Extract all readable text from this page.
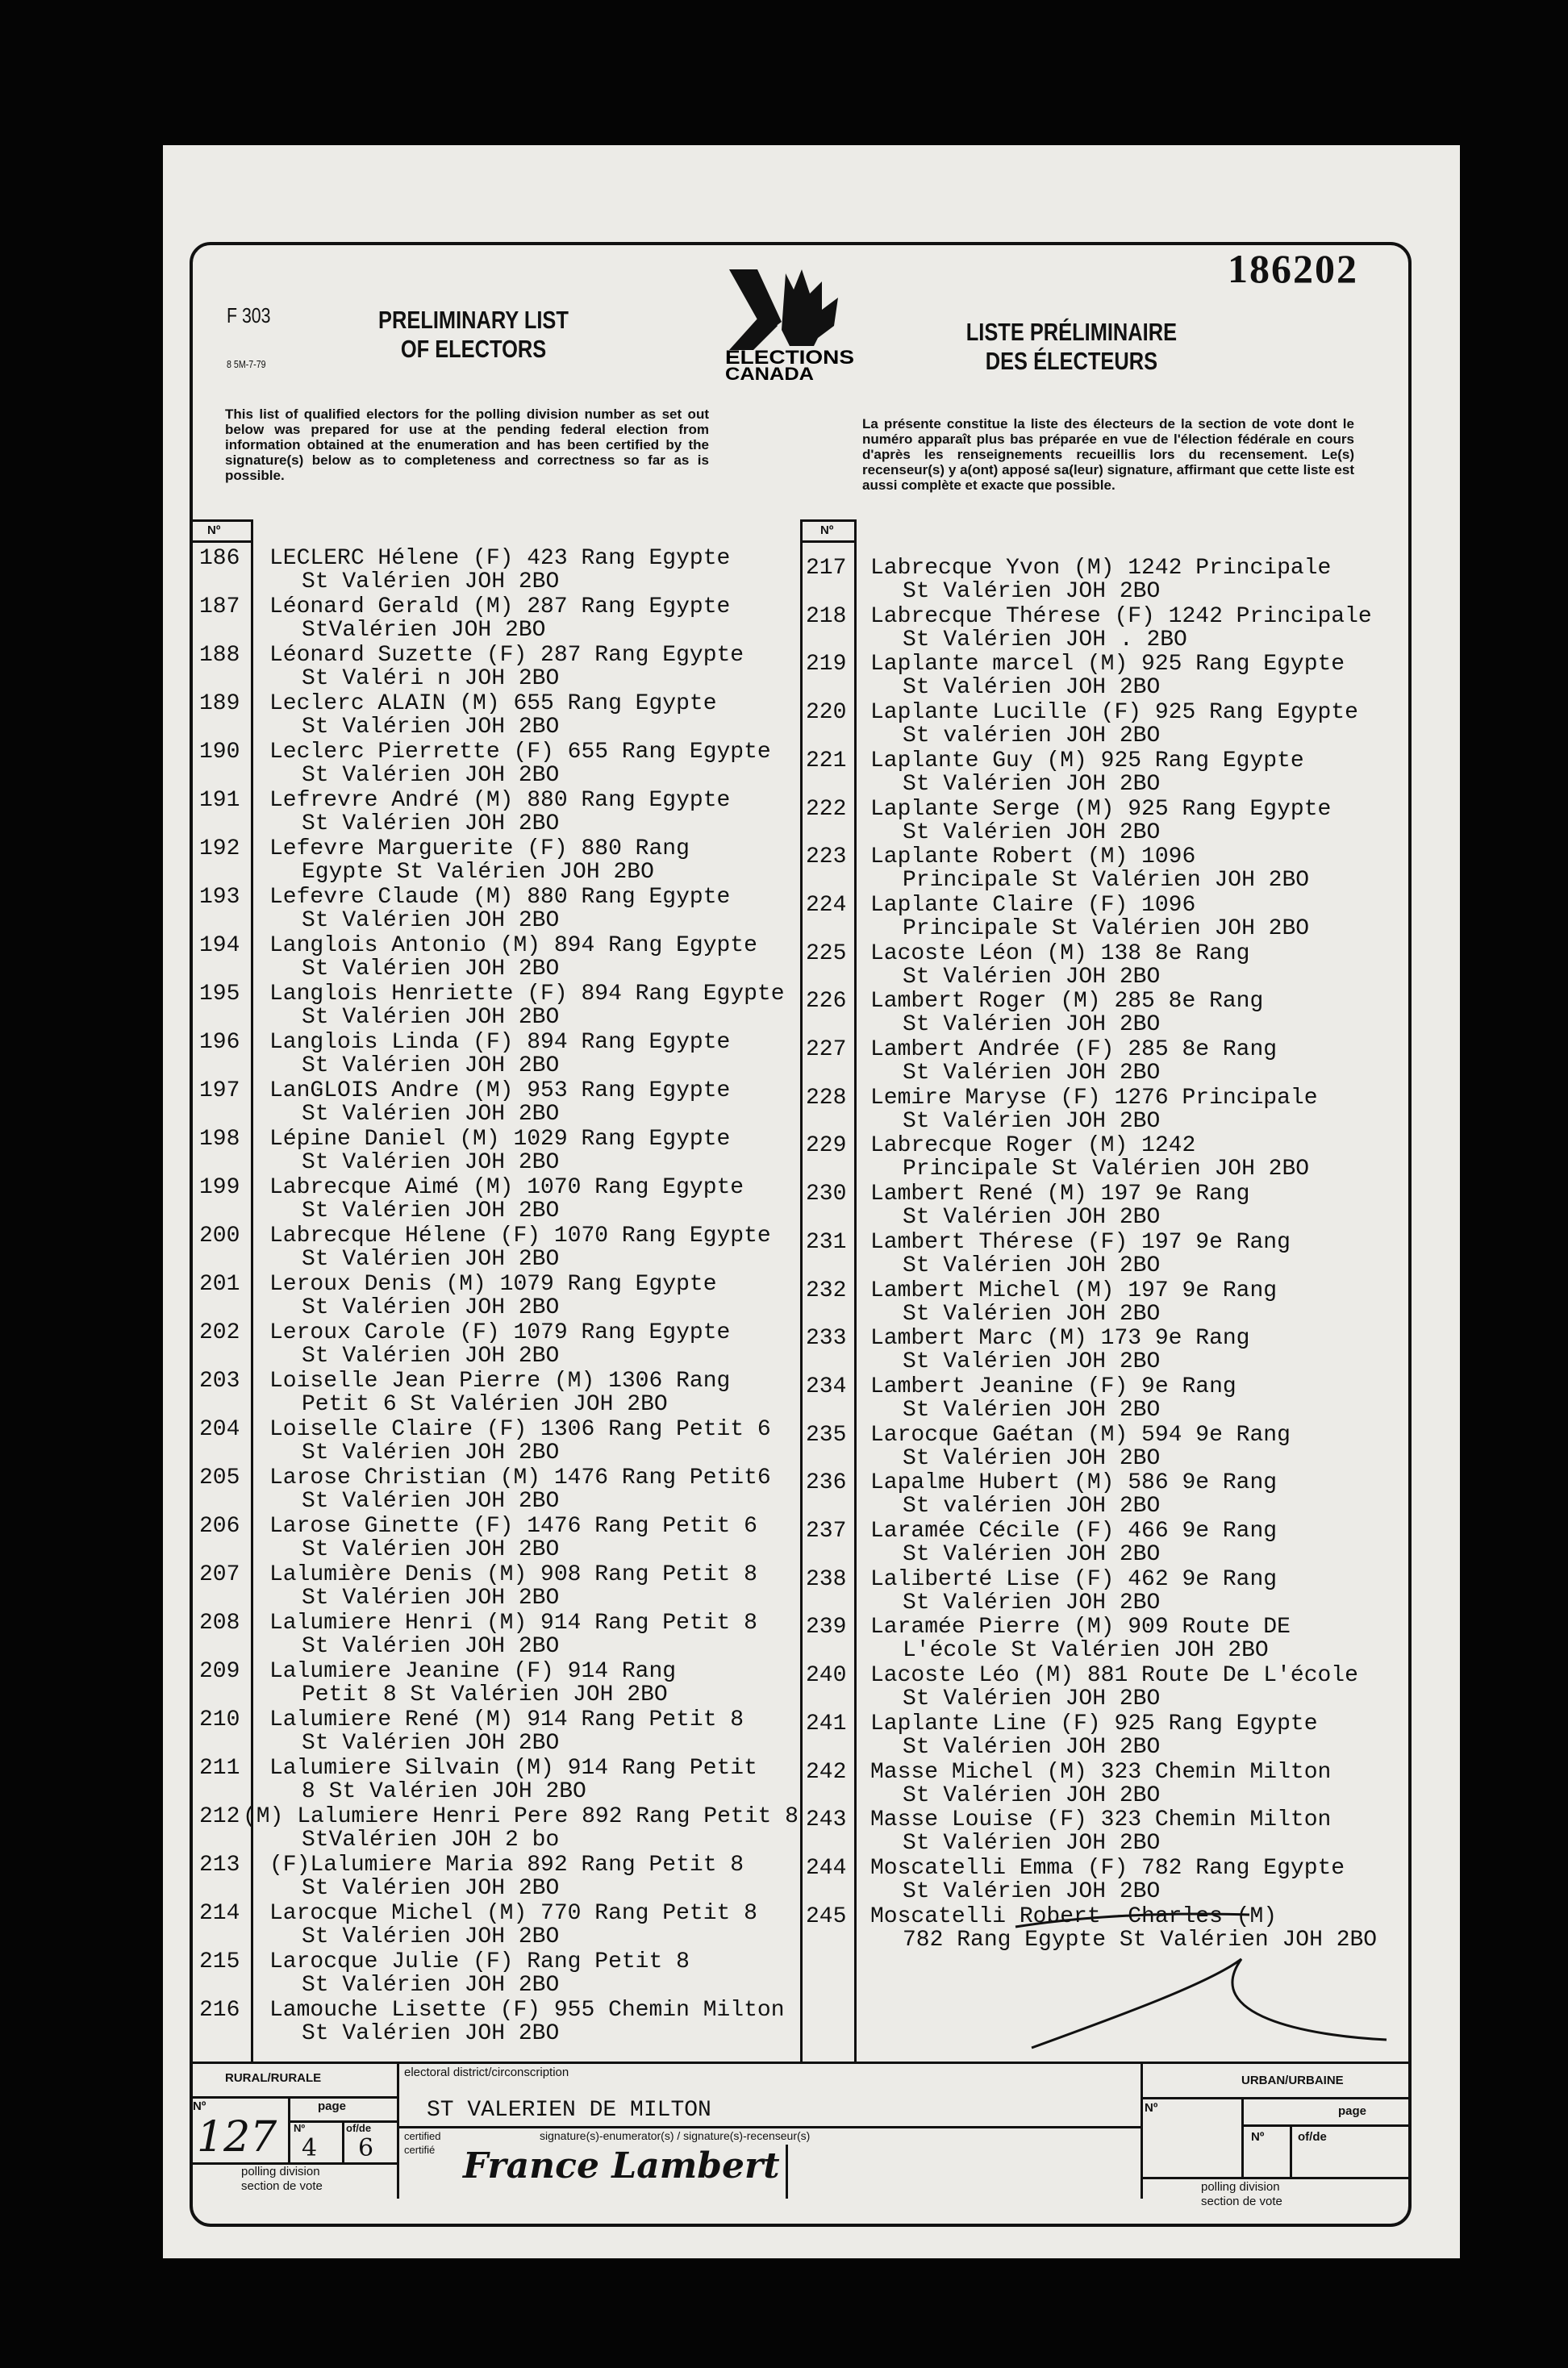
F 303
8 5M-7-79
PRELIMINARY LIST OF ELECTORS	ELECTIONS
CANADA
186202
LISTE PRÉLIMINAIRE DES ÉLECTEURS
This list of qualified electors for the polling division number as set out below was prepared for use at the pending federal election from information obtained at the enumeration and has been certified by the signature(s) below as to completeness and correctness so far as is possible.
La présente constitue la liste des électeurs de la section de vote dont le numéro apparaît plus bas préparée en vue de l'élection fédérale en cours d'après les renseignements recueillis lors du recensement. Le(s) recenseur(s) y a(ont) apposé sa(leur) signature, affirmant que cette liste est aussi complète et exacte que possible.
Nº	Nº
186 LECLERC Hélene (F) 423 Rang Egypte
St Valérien JOH 2BO
187 Léonard Gerald (M) 287 Rang Egypte
StValérien JOH 2BO
188 Léonard Suzette (F) 287 Rang Egypte
St Valéri n JOH 2BO
189 Leclerc ALAIN (M) 655 Rang Egypte
St Valérien JOH 2BO
190 Leclerc Pierrette (F) 655 Rang Egypte
St Valérien JOH 2BO
191 Lefrevre André (M) 880 Rang Egypte
St Valérien JOH 2BO
192 Lefevre Marguerite (F) 880 Rang
Egypte St Valérien JOH 2BO
193 Lefevre Claude (M) 880 Rang Egypte
St Valérien JOH 2BO
194 Langlois Antonio (M) 894 Rang Egypte
St Valérien JOH 2BO
195 Langlois Henriette (F) 894 Rang Egypte
St Valérien JOH 2BO
196 Langlois Linda (F) 894 Rang Egypte
St Valérien JOH 2BO
197 LanGLOIS Andre (M) 953 Rang Egypte
St Valérien JOH 2BO
198 Lépine Daniel (M) 1029 Rang Egypte
St Valérien JOH 2BO
199 Labrecque Aimé (M) 1070 Rang Egypte
St Valérien JOH 2BO
200 Labrecque Hélene (F) 1070 Rang Egypte
St Valérien JOH 2BO
201 Leroux Denis (M) 1079 Rang Egypte
St Valérien JOH 2BO
202 Leroux Carole (F) 1079 Rang Egypte
St Valérien JOH 2BO
203 Loiselle Jean Pierre (M) 1306 Rang
Petit 6 St Valérien JOH 2BO
204 Loiselle Claire (F) 1306 Rang Petit 6
St Valérien JOH 2BO
205 Larose Christian (M) 1476 Rang Petit6
St Valérien JOH 2BO
206 Larose Ginette (F) 1476 Rang Petit 6
St Valérien JOH 2BO
207 Lalumière Denis (M) 908 Rang Petit 8
St Valérien JOH 2BO
208 Lalumiere Henri (M) 914 Rang Petit 8
St Valérien JOH 2BO
209 Lalumiere Jeanine (F) 914 Rang
Petit 8 St Valérien JOH 2BO
210 Lalumiere René (M) 914 Rang Petit 8
St Valérien JOH 2BO
211 Lalumiere Silvain (M) 914 Rang Petit
8 St Valérien JOH 2BO
212 (M) Lalumiere Henri Pere 892 Rang Petit 8
StValérien JOH 2 bo
213 (F)Lalumiere Maria 892 Rang Petit 8
St Valérien JOH 2BO
214 Larocque Michel (M) 770 Rang Petit 8
St Valérien JOH 2BO
215 Larocque Julie (F) Rang Petit 8
St Valérien JOH 2BO
216 Lamouche Lisette (F) 955 Chemin Milton
St Valérien JOH 2BO
217 Labrecque Yvon (M) 1242 Principale
St Valérien JOH 2BO
218 Labrecque Thérese (F) 1242 Principale
St Valérien JOH . 2BO
219 Laplante marcel (M) 925 Rang Egypte
St Valérien JOH 2BO
220 Laplante Lucille (F) 925 Rang Egypte
St valérien JOH 2BO
221 Laplante Guy (M) 925 Rang Egypte
St Valérien JOH 2BO
222 Laplante Serge (M) 925 Rang Egypte
St Valérien JOH 2BO
223 Laplante Robert (M) 1096
Principale St Valérien JOH 2BO
224 Laplante Claire (F) 1096
Principale St Valérien JOH 2BO
225 Lacoste Léon (M) 138 8e Rang
St Valérien JOH 2BO
226 Lambert Roger (M) 285 8e Rang
St Valérien JOH 2BO
227 Lambert Andrée (F) 285 8e Rang
St Valérien JOH 2BO
228 Lemire Maryse (F) 1276 Principale
St Valérien JOH 2BO
229 Labrecque Roger (M) 1242
Principale St Valérien JOH 2BO
230 Lambert René (M) 197 9e Rang
St Valérien JOH 2BO
231 Lambert Thérese (F) 197 9e Rang
St Valérien JOH 2BO
232 Lambert Michel (M) 197 9e Rang
St Valérien JOH 2BO
233 Lambert Marc (M) 173 9e Rang
St Valérien JOH 2BO
234 Lambert Jeanine (F) 9e Rang
St Valérien JOH 2BO
235 Larocque Gaétan (M) 594 9e Rang
St Valérien JOH 2BO
236 Lapalme Hubert (M) 586 9e Rang
St valérien JOH 2BO
237 Laramée Cécile (F) 466 9e Rang
St Valérien JOH 2BO
238 Laliberté Lise (F) 462 9e Rang
St Valérien JOH 2BO
239 Laramée Pierre (M) 909 Route DE
L'école St Valérien JOH 2BO
240 Lacoste Léo (M) 881 Route De L'école
St Valérien JOH 2BO
241 Laplante Line (F) 925 Rang Egypte
St Valérien JOH 2BO
242 Masse Michel (M) 323 Chemin Milton
St Valérien JOH 2BO
243 Masse Louise (F) 323 Chemin Milton
St Valérien JOH 2BO
244 Moscatelli Emma (F) 782 Rang Egypte
St Valérien JOH 2BO
245 Moscatelli Robert -Charles (M)
782 Rang Egypte St Valérien JOH 2BO
RURAL/RURALE
Nº	page
127 Nº
4
of/de
6
polling division
section de vote
electoral district/circonscription
ST VALERIEN DE MILTON
certified
certifié
signature(s)-enumerator(s) / signature(s)-recenseur(s)
France Lambert
URBAN/URBAINE
Nº	page
Nº	of/de
polling division
section de vote
